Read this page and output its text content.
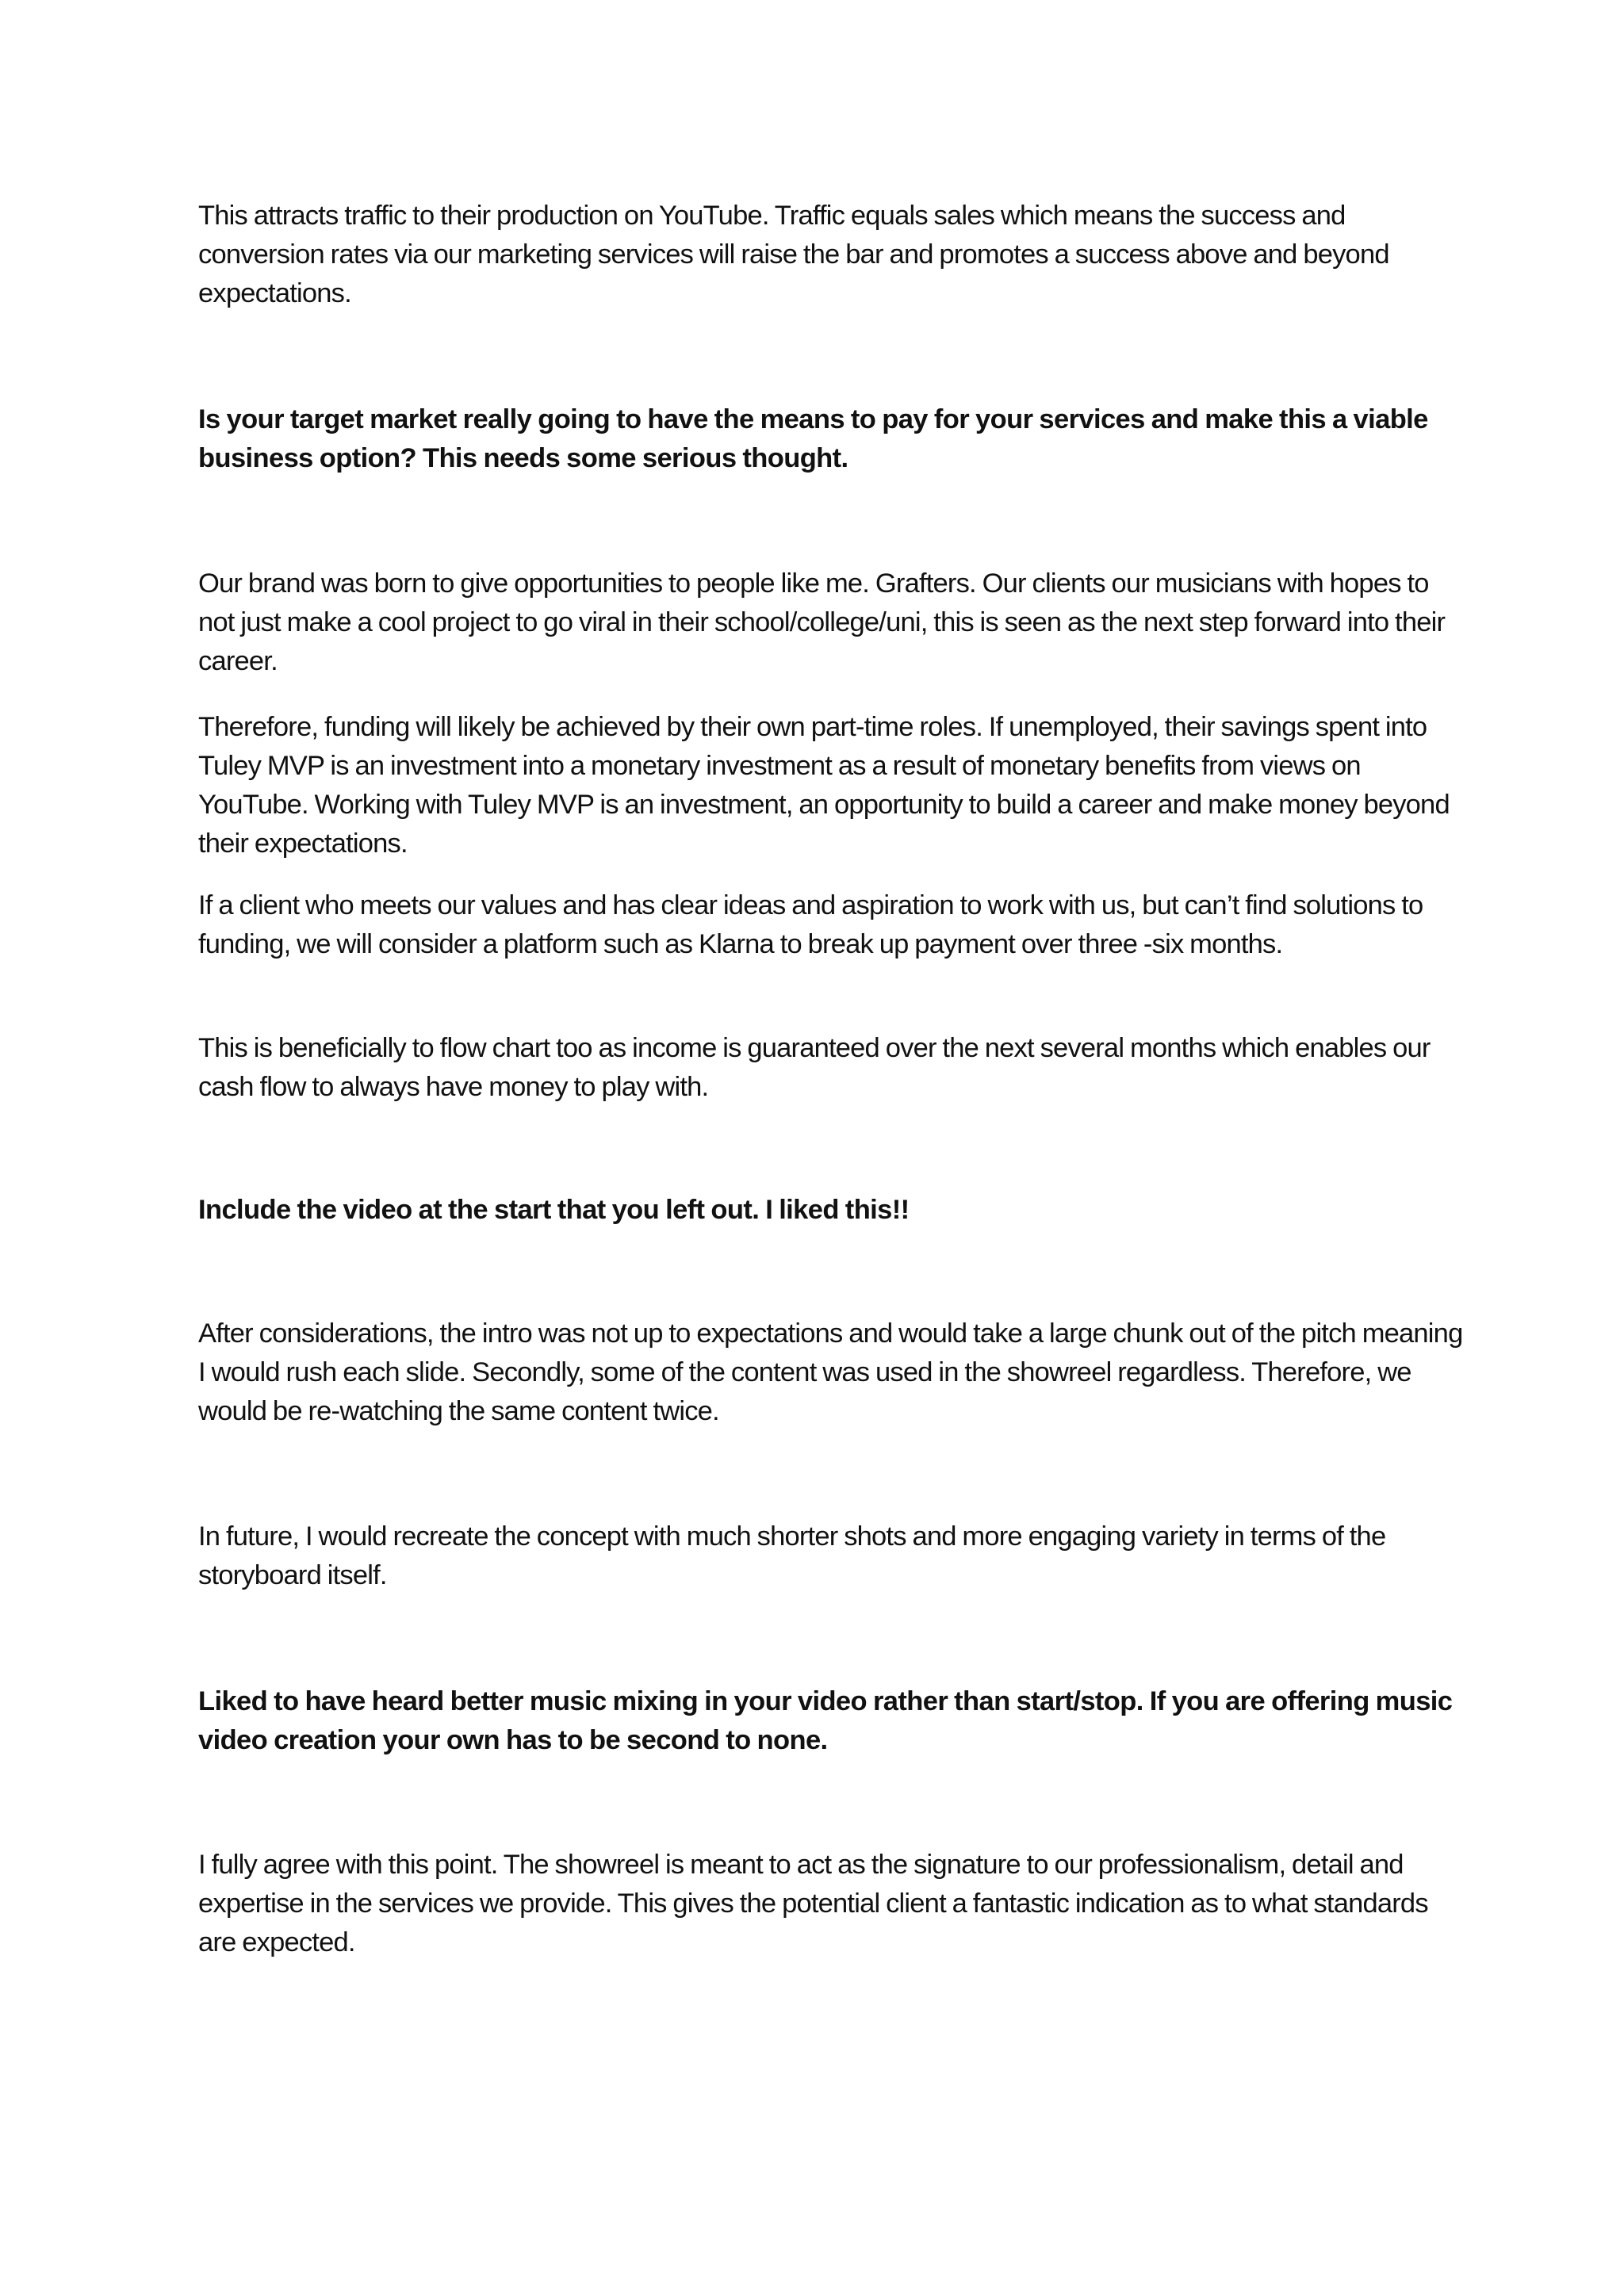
This attracts traffic to their production on YouTube. Traffic equals sales which means the success and conversion rates via our marketing services will raise the bar and promotes a success above and beyond expectations.

Is your target market really going to have the means to pay for your services and make this a viable business option? This needs some serious thought.

Our brand was born to give opportunities to people like me. Grafters. Our clients our musicians with hopes to not just make a cool project to go viral in their school/college/uni, this is seen as the next step forward into their career.

Therefore, funding will likely be achieved by their own part-time roles. If unemployed, their savings spent into Tuley MVP is an investment into a monetary investment as a result of monetary benefits from views on YouTube. Working with Tuley MVP is an investment, an opportunity to build a career and make money beyond their expectations.

If a client who meets our values and has clear ideas and aspiration to work with us, but can’t find solutions to funding, we will consider a platform such as Klarna to break up payment over three -six months.

This is beneficially to flow chart too as income is guaranteed over the next several months which enables our cash flow to always have money to play with.

Include the video at the start that you left out. I liked this!!

After considerations, the intro was not up to expectations and would take a large chunk out of the pitch meaning I would rush each slide. Secondly, some of the content was used in the showreel regardless. Therefore, we would be re-watching the same content twice.

In future, I would recreate the concept with much shorter shots and more engaging variety in terms of the storyboard itself.

Liked to have heard better music mixing in your video rather than start/stop. If you are offering music video creation your own has to be second to none.

I fully agree with this point. The showreel is meant to act as the signature to our professionalism, detail and expertise in the services we provide. This gives the potential client a fantastic indication as to what standards are expected.
